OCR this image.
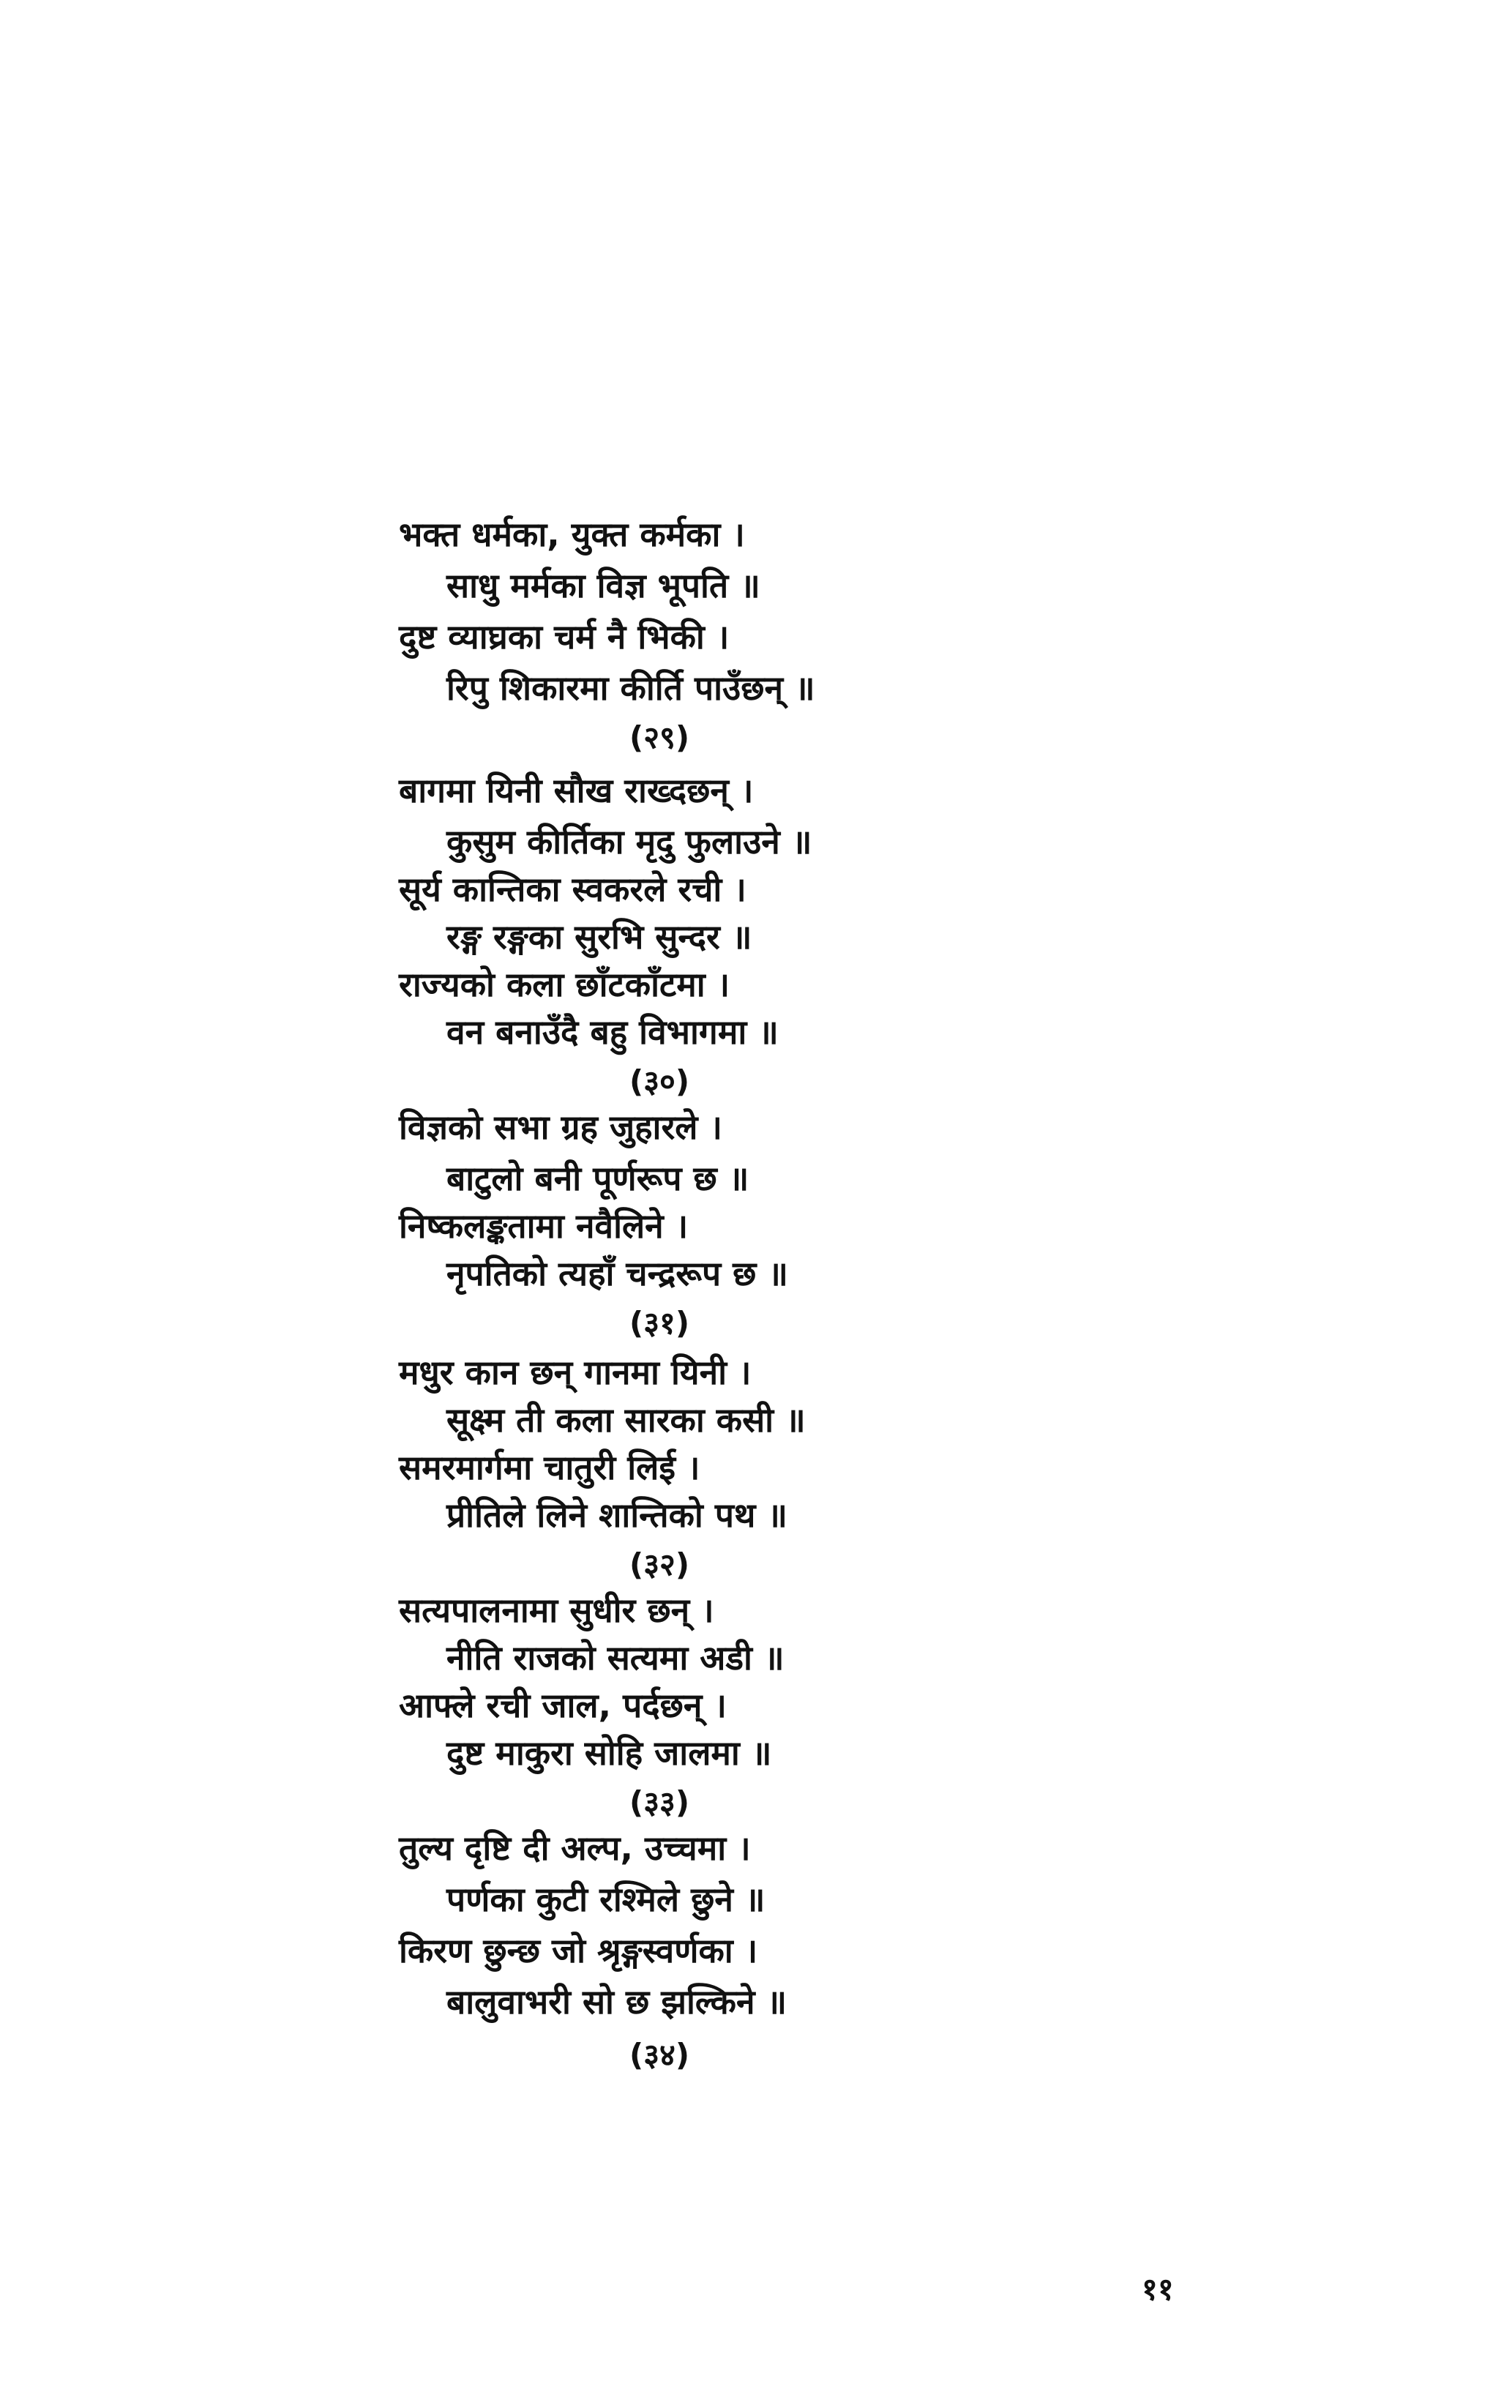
भक्त धर्मका, युक्त कर्मका ।
साधु मर्मका विज्ञ भूपति ॥
दुष्ट व्याघ्रका चर्म नै भिकी ।
रिपु शिकारमा कीर्ति पाउँछन् ॥
(२९)
बागमा यिनी सौख राख्दछन् ।
कुसुम कीर्तिका मृदु फुलाउने ॥
सूर्य कान्तिका स्वकरले रची ।
रङ्ग रङ्गका सुरभि सुन्दर ॥
राज्यको कला छाँटकाँटमा ।
वन बनाउँदै बहु विभागमा ॥
(३०)
विज्ञको सभा ग्रह जुहारले ।
बाटुलो बनी पूर्णरूप छ ॥
निष्कलङ्कतामा नवैलिने ।
नृपतिको त्यहाँ चन्द्ररूप छ ॥
(३१)
मधुर कान छन् गानमा यिनी ।
सूक्ष्म ती कला सारका कसी ॥
समरमार्गमा चातुरी लिई ।
प्रीतिले लिने शान्तिको पथ ॥
(३२)
सत्यपालनामा सुधीर छन् ।
नीति राजको सत्यमा अडी ॥
आफ्ले रची जाल, पर्दछन् ।
दुष्ट माकुरा सोहि जालमा ॥
(३३)
तुल्य दृष्टि दी अल्प, उच्चमा ।
पर्णका कुटी रश्मिले छुने ॥
किरण छुन्छ जो श्रृङ्गस्वर्णका ।
बालुवाभरी सो छ झल्किने ॥
(३४)
११
